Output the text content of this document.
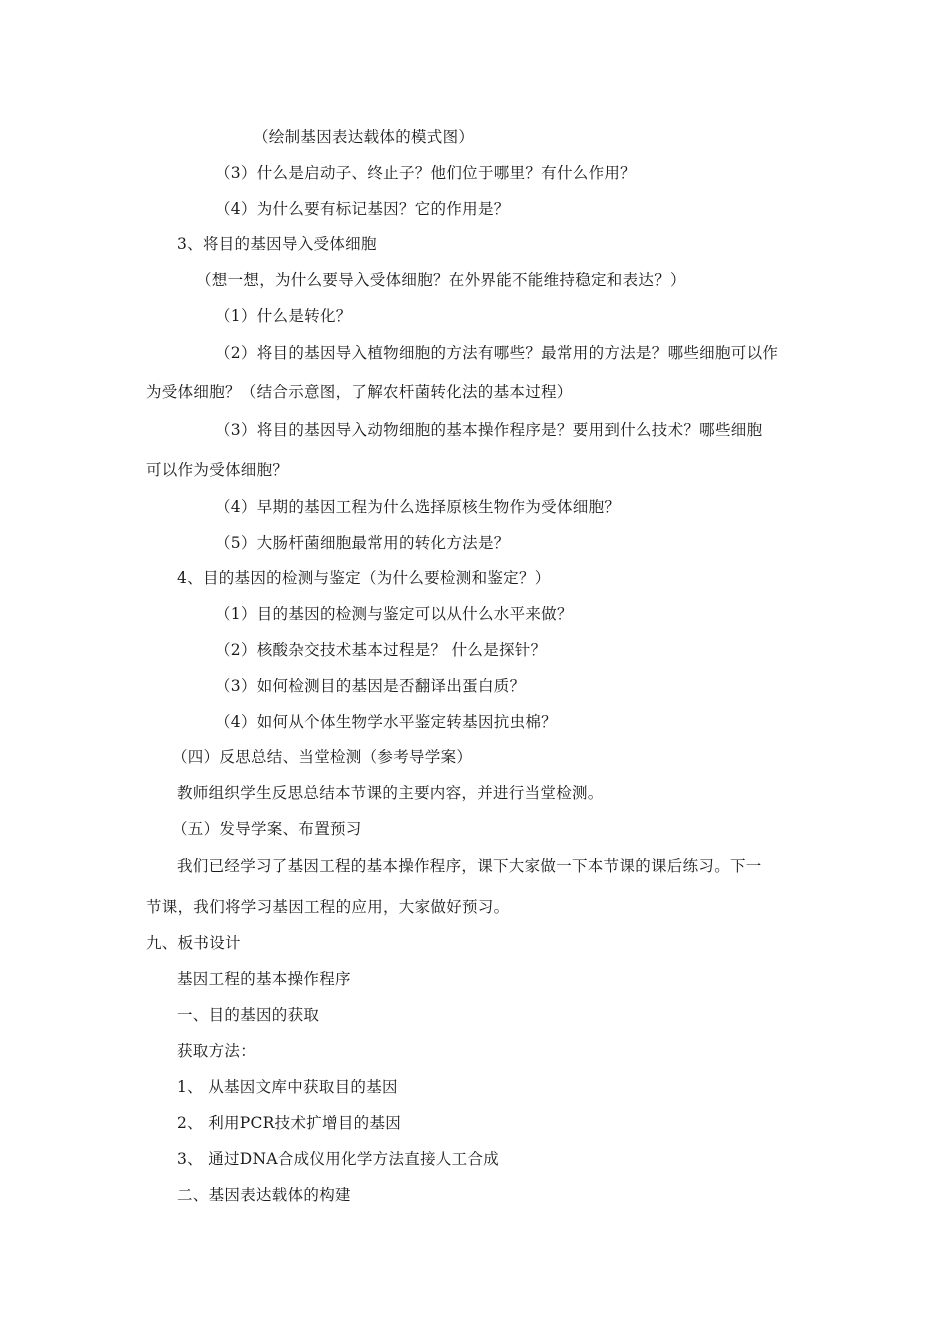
（绘制基因表达载体的模式图）
（3）什么是启动子、终止子？他们位于哪里？有什么作用？
（4）为什么要有标记基因？它的作用是？
3、将目的基因导入受体细胞
（想一想，为什么要导入受体细胞？在外界能不能维持稳定和表达？）
（1）什么是转化？
（2）将目的基因导入植物细胞的方法有哪些？最常用的方法是？哪些细胞可以作
为受体细胞？（结合示意图，了解农杆菌转化法的基本过程）
（3）将目的基因导入动物细胞的基本操作程序是？要用到什么技术？哪些细胞
可以作为受体细胞？
（4）早期的基因工程为什么选择原核生物作为受体细胞？
（5）大肠杆菌细胞最常用的转化方法是？
4、目的基因的检测与鉴定（为什么要检测和鉴定？）
（1）目的基因的检测与鉴定可以从什么水平来做？
（2）核酸杂交技术基本过程是？ 什么是探针？
（3）如何检测目的基因是否翻译出蛋白质？
（4）如何从个体生物学水平鉴定转基因抗虫棉？
（四）反思总结、当堂检测（参考导学案）
教师组织学生反思总结本节课的主要内容，并进行当堂检测。
（五）发导学案、布置预习
我们已经学习了基因工程的基本操作程序，课下大家做一下本节课的课后练习。下一
节课，我们将学习基因工程的应用，大家做好预习。
九、板书设计
基因工程的基本操作程序
一、目的基因的获取
获取方法：
1、 从基因文库中获取目的基因
2、 利用PCR技术扩增目的基因
3、 通过DNA合成仪用化学方法直接人工合成
二、基因表达载体的构建
